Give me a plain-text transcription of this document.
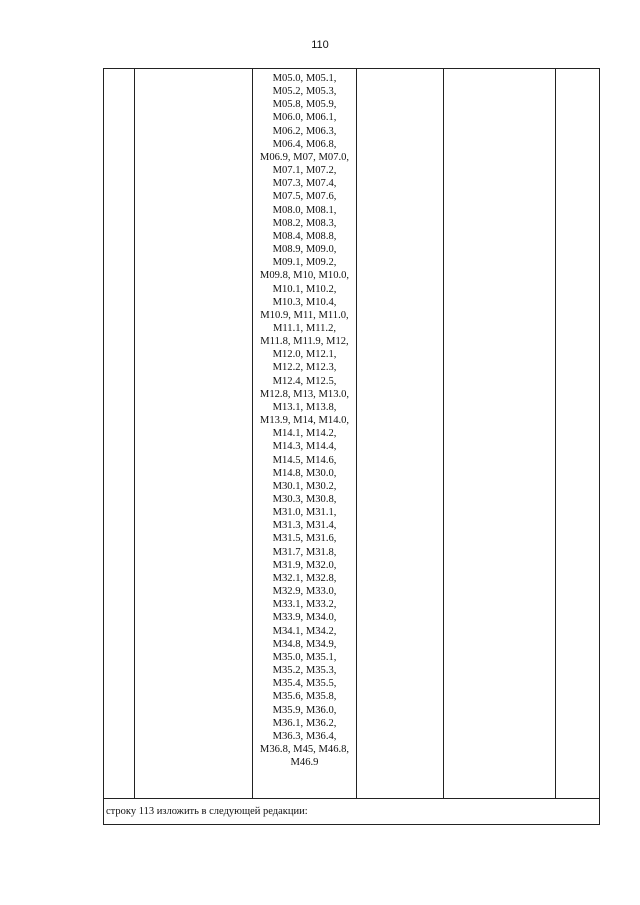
110

M05.0, M05.1,
M05.2, M05.3,
M05.8, M05.9,
M06.0, M06.1,
M06.2, M06.3,
M06.4, M06.8,
M06.9, M07, M07.0,
M07.1, M07.2,
M07.3, M07.4,
M07.5, M07.6,
M08.0, M08.1,
M08.2, M08.3,
M08.4, M08.8,
M08.9, M09.0,
M09.1, M09.2,
M09.8, M10, M10.0,
M10.1, M10.2,
M10.3, M10.4,
M10.9, M11, M11.0,
M11.1, M11.2,
M11.8, M11.9, M12,
M12.0, M12.1,
M12.2, M12.3,
M12.4, M12.5,
M12.8, M13, M13.0,
M13.1, M13.8,
M13.9, M14, M14.0,
M14.1, M14.2,
M14.3, M14.4,
M14.5, M14.6,
M14.8, M30.0,
M30.1, M30.2,
M30.3, M30.8,
M31.0, M31.1,
M31.3, M31.4,
M31.5, M31.6,
M31.7, M31.8,
M31.9, M32.0,
M32.1, M32.8,
M32.9, M33.0,
M33.1, M33.2,
M33.9, M34.0,
M34.1, M34.2,
M34.8, M34.9,
M35.0, M35.1,
M35.2, M35.3,
M35.4, M35.5,
M35.6, M35.8,
M35.9, M36.0,
M36.1, M36.2,
M36.3, M36.4,
M36.8, M45, M46.8,
M46.9

строку 113 изложить в следующей редакции:
